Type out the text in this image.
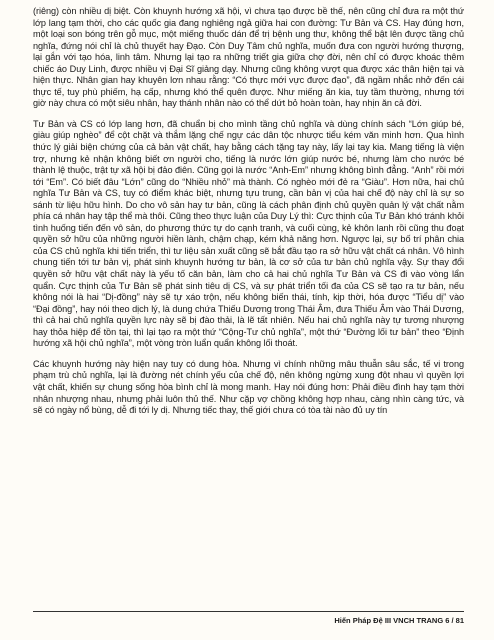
(riêng) còn nhiều dị biệt. Còn khuynh hướng xã hội, vì chưa tạo được bề thế, nên cũng chỉ đưa ra một thứ lớp lang tạm thời, cho các quốc gia đang nghiêng ngả giữa hai con đường: Tư Bản và CS. Hay đúng hơn, một loại son bóng trên gỗ mục, một miếng thuốc dán để trị bệnh ung thư, không thể bật lên được tầng chủ nghĩa, đứng nói chỉ là chủ thuyết hay Đạo. Còn Duy Tâm chủ nghĩa, muốn đưa con người hướng thượng, lại gắn với tạo hóa, linh tâm. Nhưng lại tạo ra những triết gia giữa chợ đời, nên chỉ có được khoác thêm chiếc áo Duy Linh, được nhiều vị Đại Sĩ giảng dạy. Nhưng cũng không vượt qua được xác thân hiện tại và hiện thực. Nhân gian hay khuyên lơn nhau rằng: “Có thực mới vực được đạo”, đã ngầm nhắc nhở đến cái thực tế, tuy phù phiếm, hạ cấp, nhưng khó thể quên được. Như miếng ăn kia, tuy tầm thường, nhưng tới giờ này chưa có một siêu nhân, hay thánh nhân nào có thể dứt bỏ hoàn toàn, hay nhịn ăn cả đời.

Tư Bản và CS có lớp lang hơn, đã chuẩn bị cho mình tầng chủ nghĩa và dùng chính sách “Lớn giúp bé, giàu giúp nghèo” để cột chặt và thắm lặng chế ngự các dân tộc nhược tiểu kém văn minh hơn. Qua hình thức lý giải biện chứng của cả bản vật chất, hay bằng cách tặng tay này, lấy lại tay kia. Mang tiếng là viện trợ, nhưng kẻ nhận không biết ơn người cho, tiếng là nước lớn giúp nước bé, nhưng làm cho nước bé thành lệ thuộc, trật tự xã hội bị đảo điên. Cũng gọi là nước “Anh-Em” nhưng không bình đẳng. “Anh” rồi mới tới “Em”. Có biết đâu “Lớn” cũng do “Nhiều nhỏ” mà thành. Có nghèo mới đẻ ra “Giàu”. Hơn nữa, hai chủ nghĩa Tư Bản và CS, tuy có điểm khác biệt, nhưng tựu trung, cần bản vị của hai chế độ này chỉ là sự so sánh từ liệu hữu hình. Do cho vô sản hay tư bản, cũng là cách phân định chủ quyền quản lý vật chất nằm phía cá nhân hay tập thể mà thôi. Cũng theo thực luận của Duy Lý thì: Cực thịnh của Tư Bản khó tránh khỏi tình huống tiến đến vô sản, do phương thức tự do cạnh tranh, và cuối cùng, kẻ khôn lanh rồi cũng thu đoạt quyền sở hữu của những người hiền lành, chậm chạp, kém khả năng hơn. Ngược lại, sự bố trí phân chia của CS chủ nghĩa khi tiến triển, thì tư liệu sản xuất cũng sẽ bắt đầu tạo ra sở hữu vật chất cá nhân. Vô hình chung tiến tới tư bản vị, phát sinh khuynh hướng tư bản, là cơ sở của tư bản chủ nghĩa vậy. Sự thay đổi quyền sở hữu vật chất này là yếu tố căn bản, làm cho cả hai chủ nghĩa Tư Bản và CS đi vào vòng lẩn quẩn. Cực thịnh của Tư Bản sẽ phát sinh tiêu dị CS, và sự phát triển tối đa của CS sẽ tạo ra tư bản, nếu không nói là hai “Dị-đồng” này sẽ tự xáo trộn, nếu không biến thái, tính, kịp thời, hóa được “Tiểu dị” vào “Đại đồng”, hay nói theo dịch lý, là dung chứa Thiếu Dương trong Thái Âm, đưa Thiếu Âm vào Thái Dương, thì cả hai chủ nghĩa quyền lực này sẽ bị đào thải, là lẽ tất nhiên. Nếu hai chủ nghĩa này tự tương nhượng hay thỏa hiệp để tồn tại, thì lại tạo ra một thứ “Cộng-Tư chủ nghĩa”, một thứ “Đường lối tư bản” theo “Định hướng xã hội chủ nghĩa”, một vòng tròn luẩn quẩn không lối thoát.

Các khuynh hướng này hiện nay tuy có dung hòa. Nhưng vì chính những mâu thuẫn sâu sắc, tế vi trong phạm trù chủ nghĩa, lại là đường nét chính yếu của chế độ, nên không ngừng xung đột nhau vì quyền lợi vật chất, khiến sự chung sống hòa bình chỉ là mong manh. Hay nói đúng hơn: Phải điều đình hay tạm thời nhân nhượng nhau, nhưng phải luôn thủ thế. Như cặp vợ chồng không hợp nhau, càng nhìn càng tức, và sẽ có ngày nổ bùng, dễ đi tới ly dị. Nhưng tiếc thay, thế giới chưa có tòa tài nào đủ uy tín

Hiến Pháp Đệ III VNCH TRANG 6 / 81
